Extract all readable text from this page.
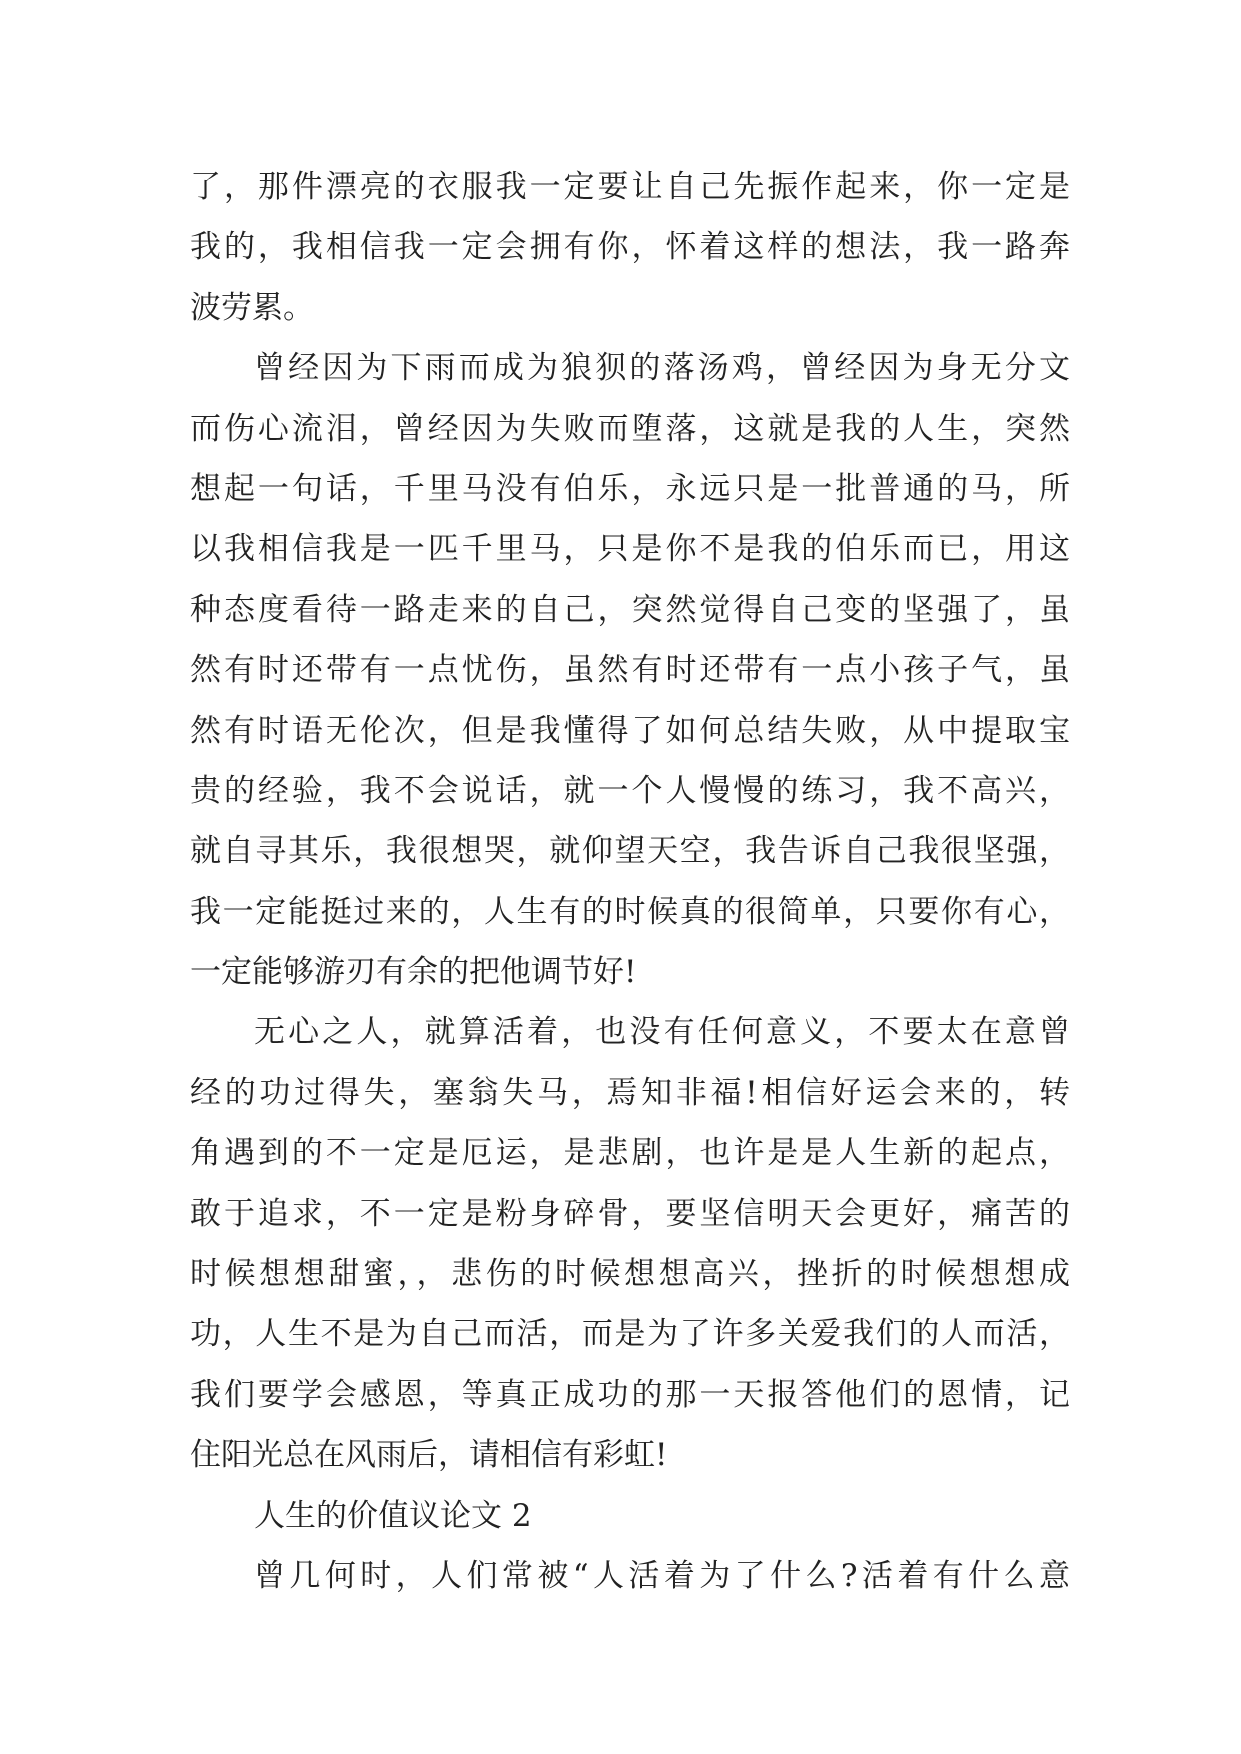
了，那件漂亮的衣服我一定要让自己先振作起来，你一定是
我的，我相信我一定会拥有你，怀着这样的想法，我一路奔
波劳累。
曾经因为下雨而成为狼狈的落汤鸡，曾经因为身无分文
而伤心流泪，曾经因为失败而堕落，这就是我的人生，突然
想起一句话，千里马没有伯乐，永远只是一批普通的马，所
以我相信我是一匹千里马，只是你不是我的伯乐而已，用这
种态度看待一路走来的自己，突然觉得自己变的坚强了，虽
然有时还带有一点忧伤，虽然有时还带有一点小孩子气，虽
然有时语无伦次，但是我懂得了如何总结失败，从中提取宝
贵的经验，我不会说话，就一个人慢慢的练习，我不高兴，
就自寻其乐，我很想哭，就仰望天空，我告诉自己我很坚强，
我一定能挺过来的，人生有的时候真的很简单，只要你有心，
一定能够游刃有余的把他调节好!
无心之人，就算活着，也没有任何意义，不要太在意曾
经的功过得失，塞翁失马，焉知非福!相信好运会来的，转
角遇到的不一定是厄运，是悲剧，也许是是人生新的起点，
敢于追求，不一定是粉身碎骨，要坚信明天会更好，痛苦的
时候想想甜蜜，，悲伤的时候想想高兴，挫折的时候想想成
功，人生不是为自己而活，而是为了许多关爱我们的人而活，
我们要学会感恩，等真正成功的那一天报答他们的恩情，记
住阳光总在风雨后，请相信有彩虹!
人生的价值议论文 2
曾几何时，人们常被“人活着为了什么?活着有什么意
